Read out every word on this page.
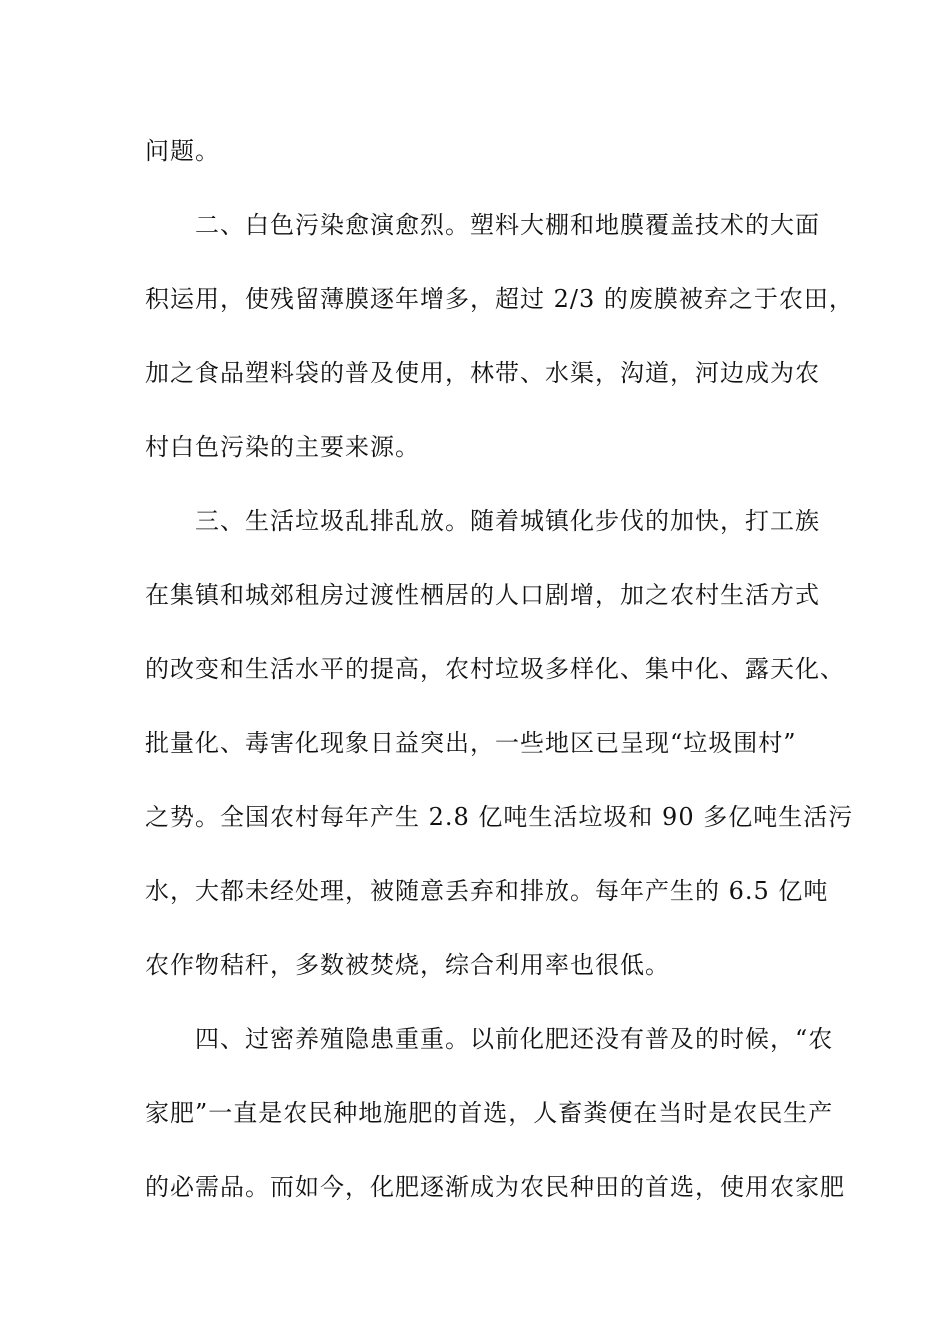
问题。
　　二、白色污染愈演愈烈。塑料大棚和地膜覆盖技术的大面
积运用，使残留薄膜逐年增多，超过 2/3 的废膜被弃之于农田，
加之食品塑料袋的普及使用，林带、水渠，沟道，河边成为农
村白色污染的主要来源。
　　三、生活垃圾乱排乱放。随着城镇化步伐的加快，打工族
在集镇和城郊租房过渡性栖居的人口剧增，加之农村生活方式
的改变和生活水平的提高，农村垃圾多样化、集中化、露天化、
批量化、毒害化现象日益突出，一些地区已呈现“垃圾围村”
之势。全国农村每年产生 2.8 亿吨生活垃圾和 90 多亿吨生活污
水，大都未经处理，被随意丢弃和排放。每年产生的 6.5 亿吨
农作物秸秆，多数被焚烧，综合利用率也很低。
　　四、过密养殖隐患重重。以前化肥还没有普及的时候，“农
家肥”一直是农民种地施肥的首选，人畜粪便在当时是农民生产
的必需品。而如今，化肥逐渐成为农民种田的首选，使用农家肥
